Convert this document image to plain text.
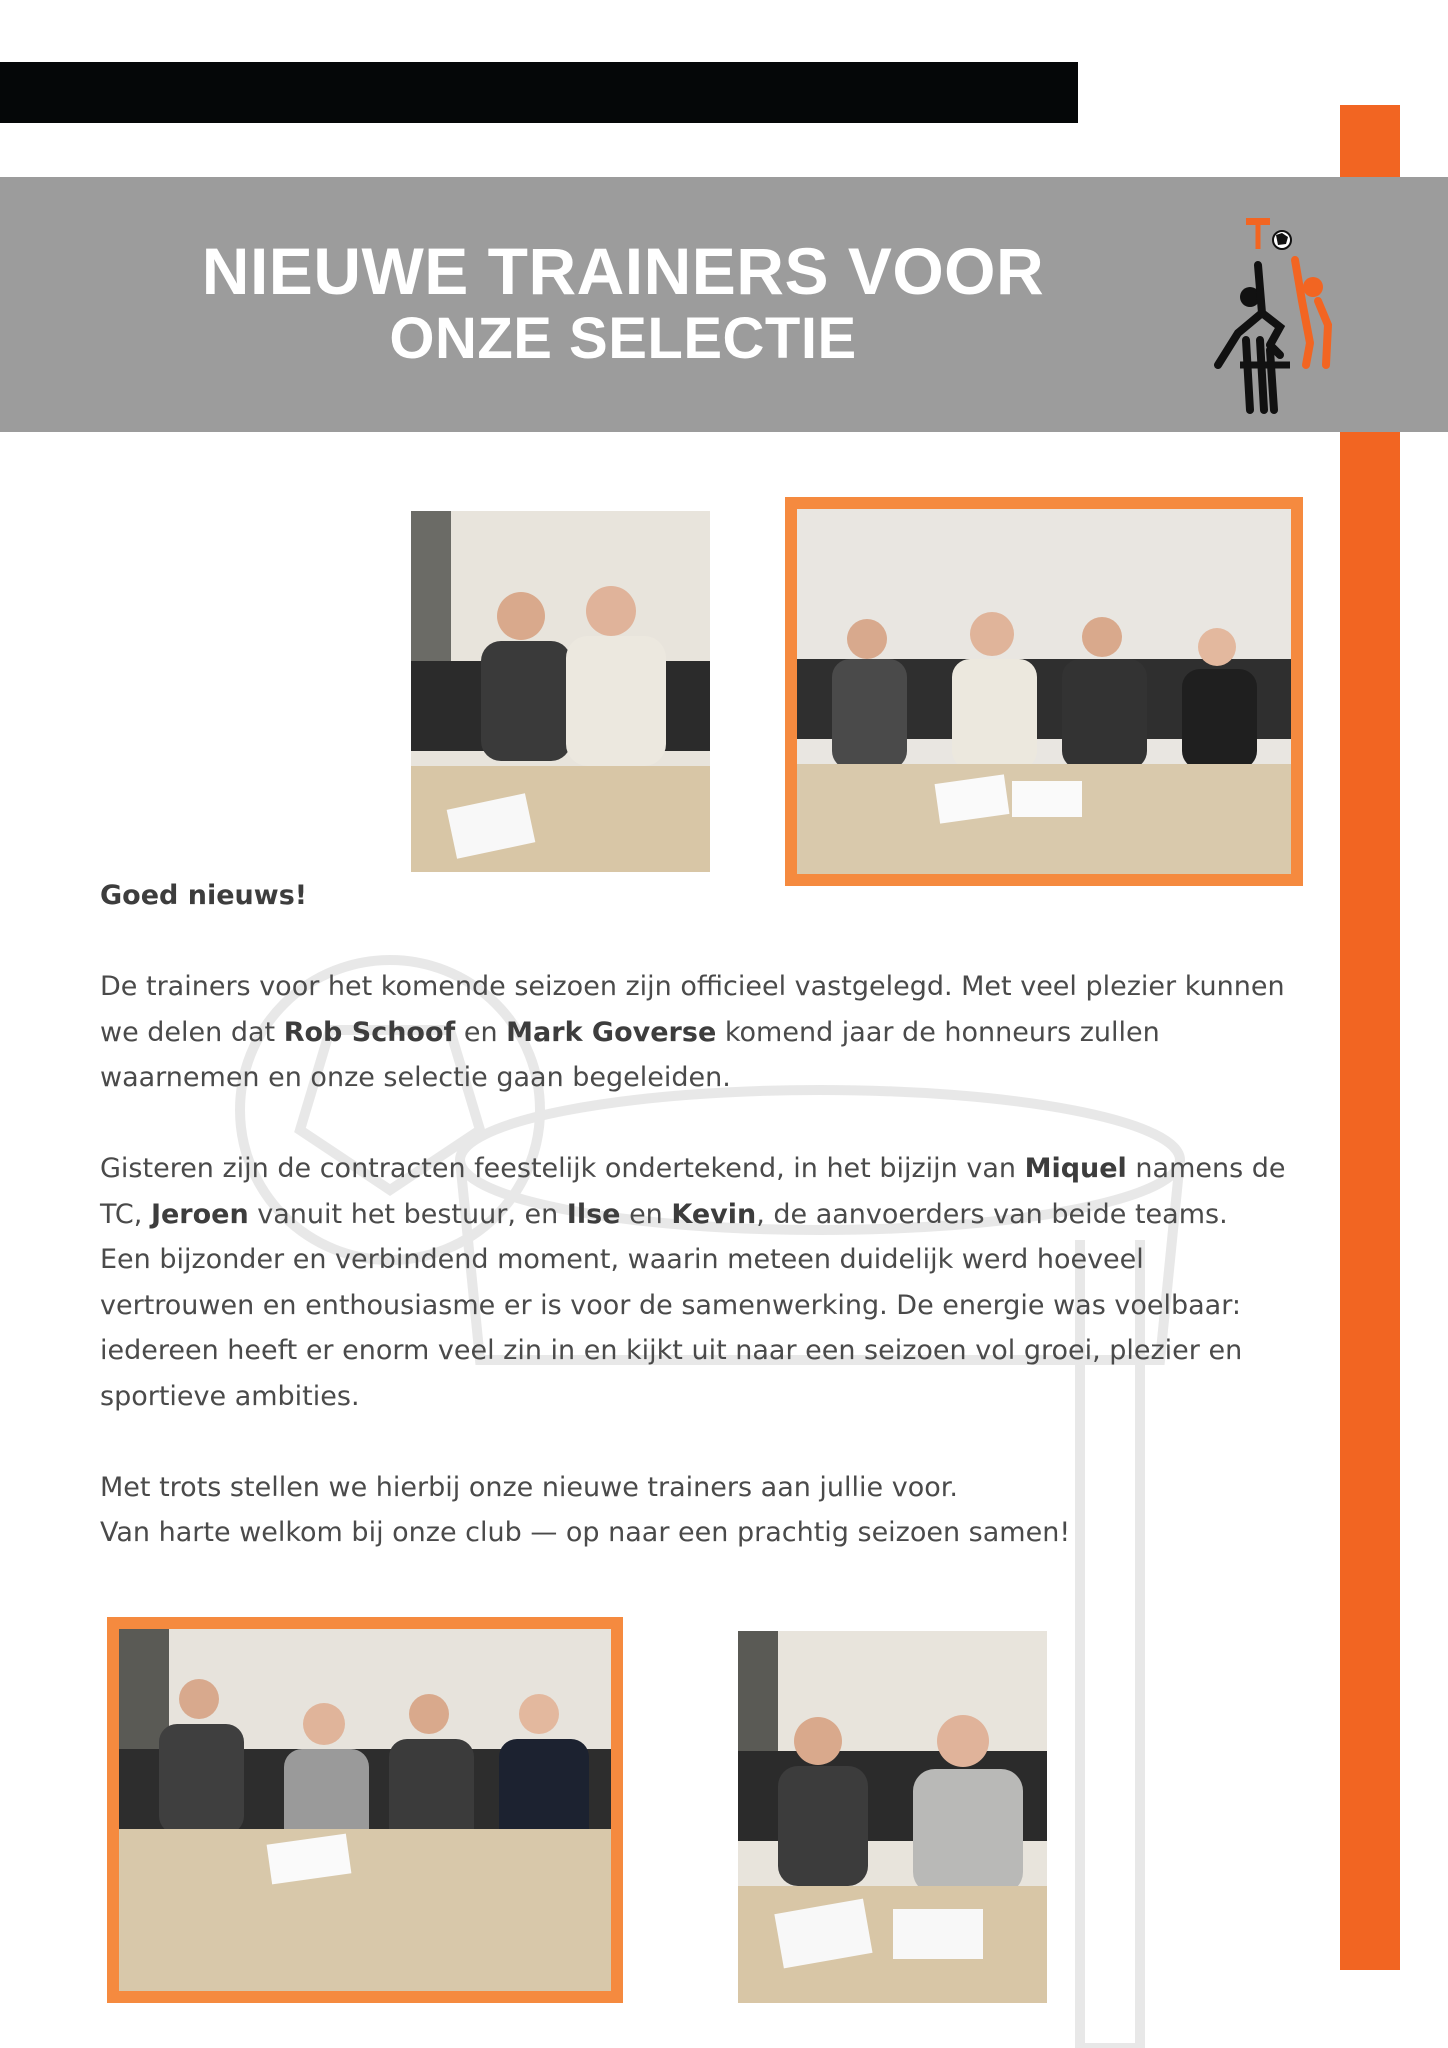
NIEUWE TRAINERS VOOR
ONZE SELECTIE

Goed nieuws!

De trainers voor het komende seizoen zijn officieel vastgelegd. Met veel plezier kunnen we delen dat Rob Schoof en Mark Goverse komend jaar de honneurs zullen waarnemen en onze selectie gaan begeleiden.

Gisteren zijn de contracten feestelijk ondertekend, in het bijzijn van Miquel namens de TC, Jeroen vanuit het bestuur, en Ilse en Kevin, de aanvoerders van beide teams.
Een bijzonder en verbindend moment, waarin meteen duidelijk werd hoeveel vertrouwen en enthousiasme er is voor de samenwerking. De energie was voelbaar: iedereen heeft er enorm veel zin in en kijkt uit naar een seizoen vol groei, plezier en sportieve ambities.

Met trots stellen we hierbij onze nieuwe trainers aan jullie voor.
Van harte welkom bij onze club — op naar een prachtig seizoen samen!
